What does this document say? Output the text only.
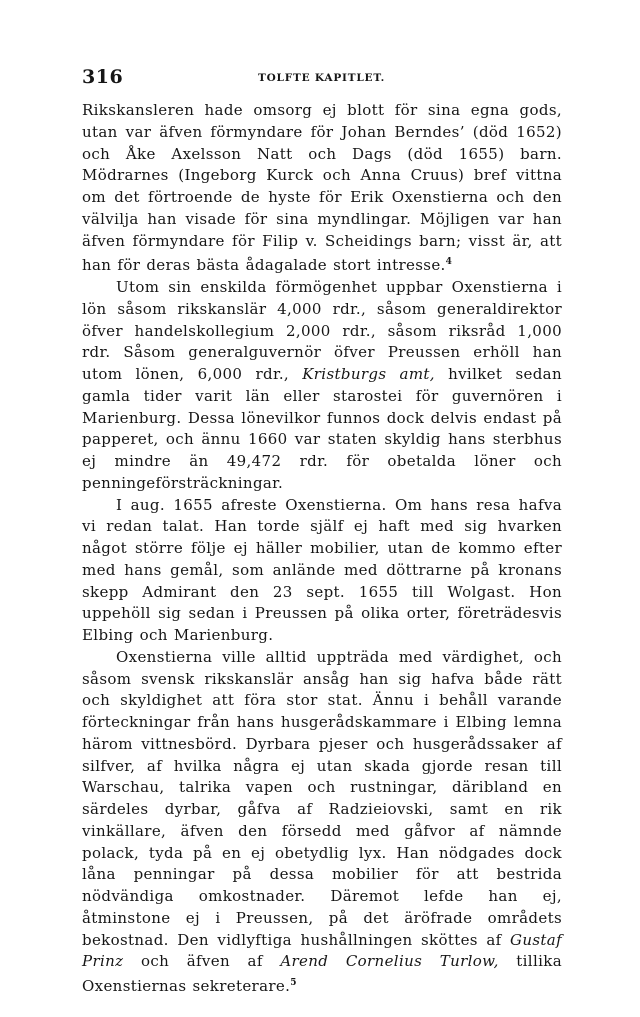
316	TOLFTE KAPITLET.

Rikskansleren hade omsorg ej blott för sina egna gods, utan var äfven förmyndare för Johan Berndes’ (död 1652) och Åke Axelsson Natt och Dags (död 1655) barn. Mödrarnes (Ingeborg Kurck och Anna Cruus) bref vittna om det förtroende de hyste för Erik Oxenstierna och den välvilja han visade för sina myndlingar. Möjligen var han äfven förmyndare för Filip v. Scheidings barn; visst är, att han för deras bästa ådagalade stort intresse.$^4$

Utom sin enskilda förmögenhet uppbar Oxenstierna i lön såsom rikskanslär 4,000 rdr., såsom generaldirektor öfver handelskollegium 2,000 rdr., såsom riksråd 1,000 rdr. Såsom generalguvernör öfver Preussen erhöll han utom lönen, 6,000 rdr., Kristburgs amt, hvilket sedan gamla tider varit län eller starostei för guvernören i Marienburg. Dessa lönevilkor funnos dock delvis endast på papperet, och ännu 1660 var staten skyldig hans sterbhus ej mindre än 49,472 rdr. för obetalda löner och penningeförsträckningar.

I aug. 1655 afreste Oxenstierna. Om hans resa hafva vi redan talat. Han torde själf ej haft med sig hvarken något större följe ej häller mobilier, utan de kommo efter med hans gemål, som anlände med döttrarne på kronans skepp Admirant den 23 sept. 1655 till Wolgast. Hon uppehöll sig sedan i Preussen på olika orter, företrädesvis Elbing och Marienburg.

Oxenstierna ville alltid uppträda med värdighet, och såsom svensk rikskanslär ansåg han sig hafva både rätt och skyldighet att föra stor stat. Ännu i behåll varande förteckningar från hans husgerådskammare i Elbing lemna härom vittnesbörd. Dyrbara pjeser och husgerådssaker af silfver, af hvilka några ej utan skada gjorde resan till Warschau, talrika vapen och rustningar, däribland en särdeles dyrbar, gåfva af Radzieiovski, samt en rik vinkällare, äfven den försedd med gåfvor af nämnde polack, tyda på en ej obetydlig lyx. Han nödgades dock låna penningar på dessa mobilier för att bestrida nödvändiga omkostnader. Däremot lefde han ej, åtminstone ej i Preussen, på det äröfrade områdets bekostnad. Den vidlyftiga hushållningen sköttes af Gustaf Prinz och äfven af Arend Cornelius Turlow, tillika Oxenstiernas sekreterare.$^5$
